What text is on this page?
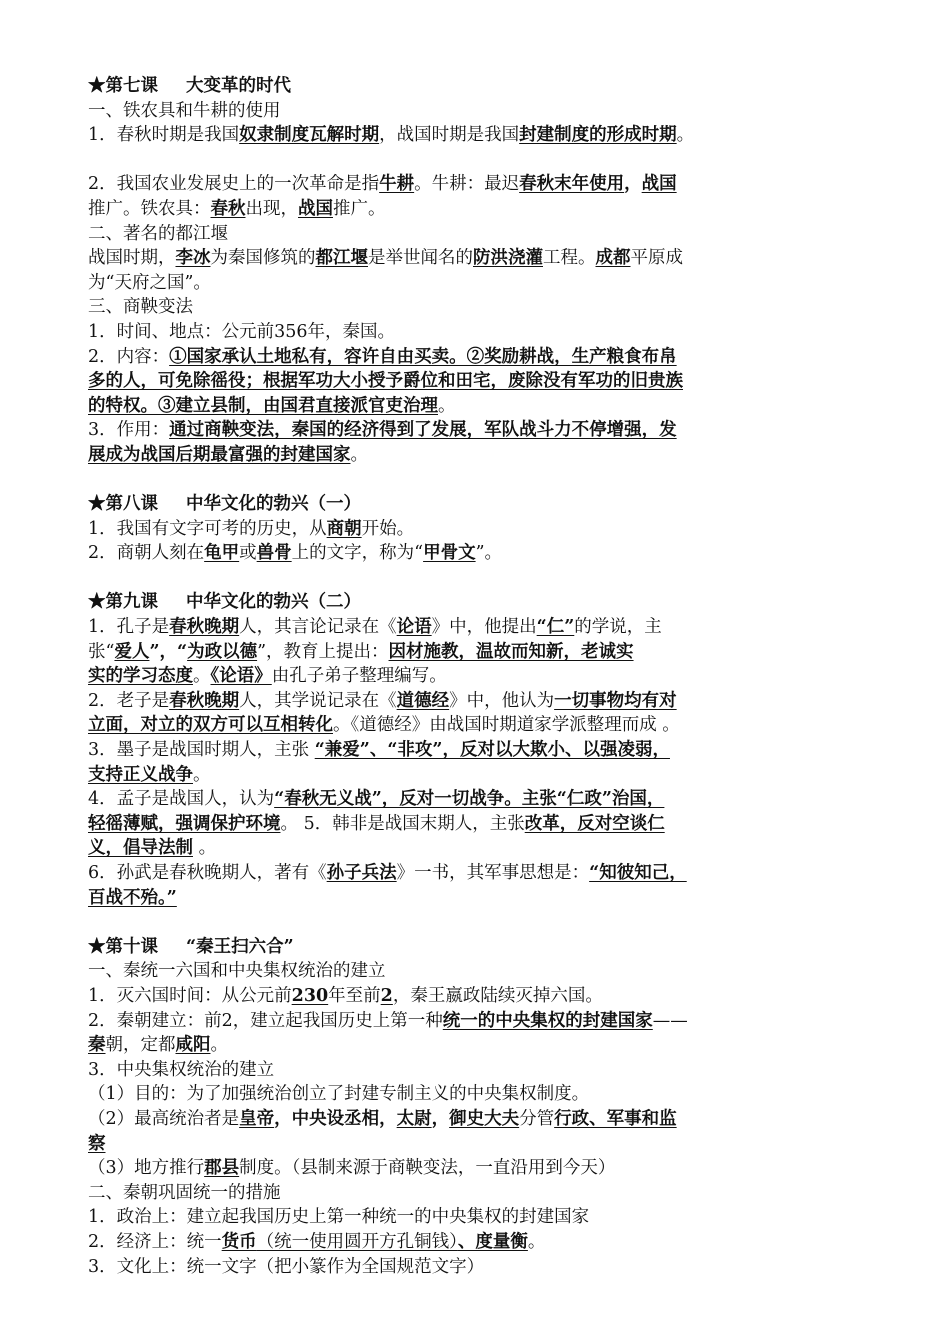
★第七课 大变革的时代
一、铁农具和牛耕的使用
1．春秋时期是我国奴隶制度瓦解时期，战国时期是我国封建制度的形成时期。
2．我国农业发展史上的一次革命是指牛耕。牛耕：最迟春秋末年使用，战国
推广。铁农具：春秋出现，战国推广。
二、著名的都江堰
战国时期，李冰为秦国修筑的都江堰是举世闻名的防洪浇灌工程。成都平原成
为“天府之国”。
三、商鞅变法
1．时间、地点：公元前356年，秦国。
2．内容：①国家承认土地私有，容许自由买卖。②奖励耕战，生产粮食布帛
多的人，可免除徭役；根据军功大小授予爵位和田宅，废除没有军功的旧贵族
的特权。③建立县制，由国君直接派官吏治理。
3．作用：通过商鞅变法，秦国的经济得到了发展，军队战斗力不停增强，发
展成为战国后期最富强的封建国家。
★第八课 中华文化的勃兴（一）
1．我国有文字可考的历史，从商朝开始。
2．商朝人刻在龟甲或兽骨上的文字，称为“甲骨文”。
★第九课 中华文化的勃兴（二）
1．孔子是春秋晚期人，其言论记录在《论语》中，他提出“仁”的学说，主
张“爱人”，“为政以德”，教育上提出：因材施教，温故而知新，老诚实
实的学习态度。《论语》由孔子弟子整理编写。
2．老子是春秋晚期人，其学说记录在《道德经》中，他认为一切事物均有对
立面，对立的双方可以互相转化。《道德经》由战国时期道家学派整理而成 。
3．墨子是战国时期人，主张 “兼爱”、“非攻”，反对以大欺小、以强凌弱，
支持正义战争。
4．孟子是战国人，认为“春秋无义战”，反对一切战争。主张“仁政”治国，
轻徭薄赋，强调保护环境。 5．韩非是战国末期人，主张改革，反对空谈仁
义，倡导法制 。
6．孙武是春秋晚期人，著有《孙子兵法》一书，其军事思想是：“知彼知己，
百战不殆。”
★第十课 “秦王扫六合”
一、秦统一六国和中央集权统治的建立
1．灭六国时间：从公元前230年至前2，秦王嬴政陆续灭掉六国。
2．秦朝建立：前2，建立起我国历史上第一种统一的中央集权的封建国家——
秦朝，定都咸阳。
3．中央集权统治的建立
（1）目的：为了加强统治创立了封建专制主义的中央集权制度。
（2）最高统治者是皇帝，中央设丞相，太尉，御史大夫分管行政、军事和监
察
（3）地方推行郡县制度。（县制来源于商鞅变法，一直沿用到今天）
二、秦朝巩固统一的措施
1．政治上：建立起我国历史上第一种统一的中央集权的封建国家
2．经济上：统一货币（统一使用圆开方孔铜钱）、度量衡。
3．文化上：统一文字（把小篆作为全国规范文字）
